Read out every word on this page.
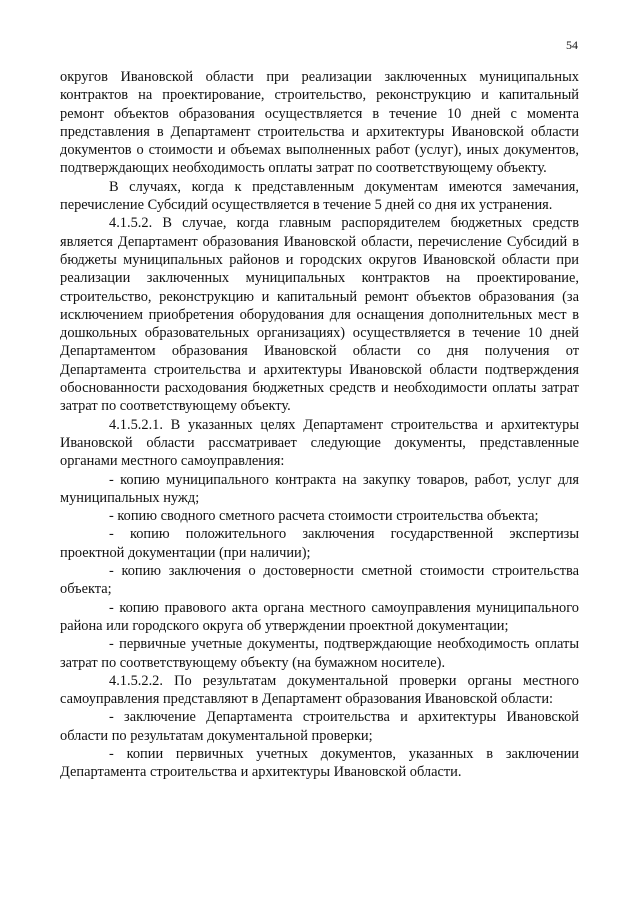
54

округов Ивановской области при реализации заключенных муниципальных контрактов на проектирование, строительство, реконструкцию и капитальный ремонт объектов образования осуществляется в течение 10 дней с момента представления в Департамент строительства и архитектуры Ивановской области документов о стоимости и объемах выполненных работ (услуг), иных документов, подтверждающих необходимость оплаты затрат по соответствующему объекту.

В случаях, когда к представленным документам имеются замечания, перечисление Субсидий осуществляется в течение 5 дней со дня их устранения.

4.1.5.2. В случае, когда главным распорядителем бюджетных средств является Департамент образования Ивановской области, перечисление Субсидий в бюджеты муниципальных районов и городских округов Ивановской области при реализации заключенных муниципальных контрактов на проектирование, строительство, реконструкцию и капитальный ремонт объектов образования (за исключением приобретения оборудования для оснащения дополнительных мест в дошкольных образовательных организациях) осуществляется в течение 10 дней Департаментом образования Ивановской области со дня получения от Департамента строительства и архитектуры Ивановской области подтверждения обоснованности расходования бюджетных средств и необходимости оплаты затрат затрат по соответствующему объекту.

4.1.5.2.1. В указанных целях Департамент строительства и архитектуры Ивановской области рассматривает следующие документы, представленные органами местного самоуправления:

- копию муниципального контракта на закупку товаров, работ, услуг для муниципальных нужд;

- копию сводного сметного расчета стоимости строительства объекта;

- копию положительного заключения государственной экспертизы проектной документации (при наличии);

- копию заключения о достоверности сметной стоимости строительства объекта;

- копию правового акта органа местного самоуправления муниципального района или городского округа об утверждении проектной документации;

- первичные учетные документы, подтверждающие необходимость оплаты затрат по соответствующему объекту (на бумажном носителе).

4.1.5.2.2. По результатам документальной проверки органы местного самоуправления представляют в Департамент образования Ивановской области:

- заключение Департамента строительства и архитектуры Ивановской области по результатам документальной проверки;

- копии первичных учетных документов, указанных в заключении Департамента строительства и архитектуры Ивановской области.
